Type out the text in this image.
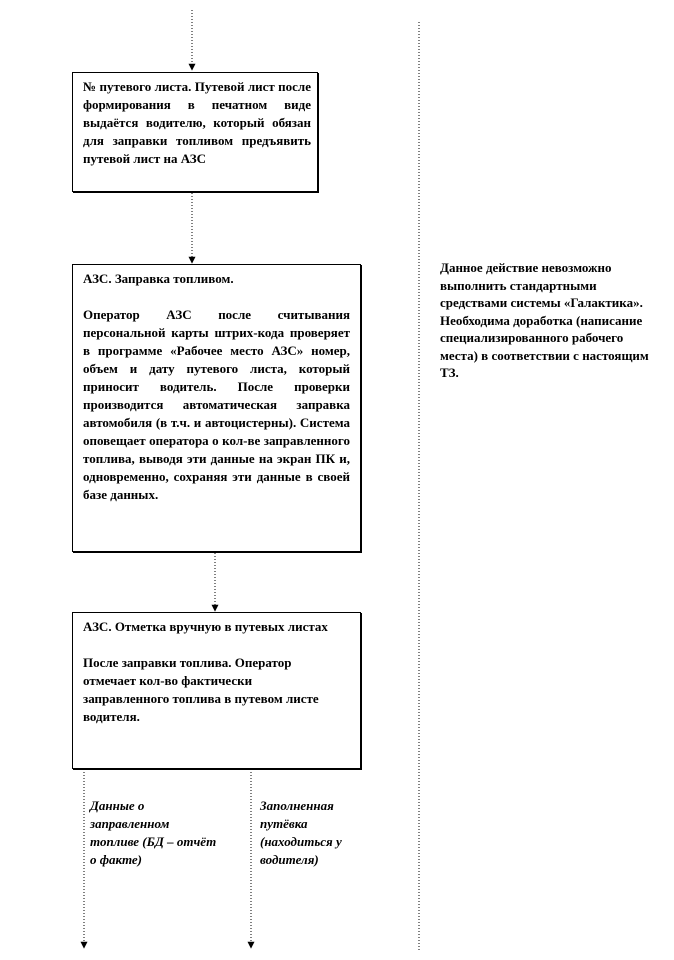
№ путевого листа. Путевой лист после формирования в печатном виде выдаётся водителю, который обязан для заправки топливом предъявить путевой лист на АЗС

АЗС. Заправка топливом.

Оператор АЗС после считывания персональной карты штрих-кода проверяет в программе «Рабочее место АЗС» номер, объем и дату путевого листа, который приносит водитель. После проверки производится автоматическая заправка автомобиля (в т.ч. и автоцистерны). Система оповещает оператора о кол-ве заправленного топлива, выводя эти данные на экран ПК и, одновременно, сохраняя эти данные в своей базе данных.

АЗС. Отметка вручную в путевых листах

После заправки топлива. Оператор отмечает кол-во фактически заправленного топлива в путевом листе водителя.

Данное действие невозможно выполнить стандартными средствами системы «Галактика». Необходима доработка (написание специализированного рабочего места) в соответствии с настоящим ТЗ.
Данные о заправленном топливе (БД – отчёт о факте)
Заполненная путёвка (находиться у водителя)
